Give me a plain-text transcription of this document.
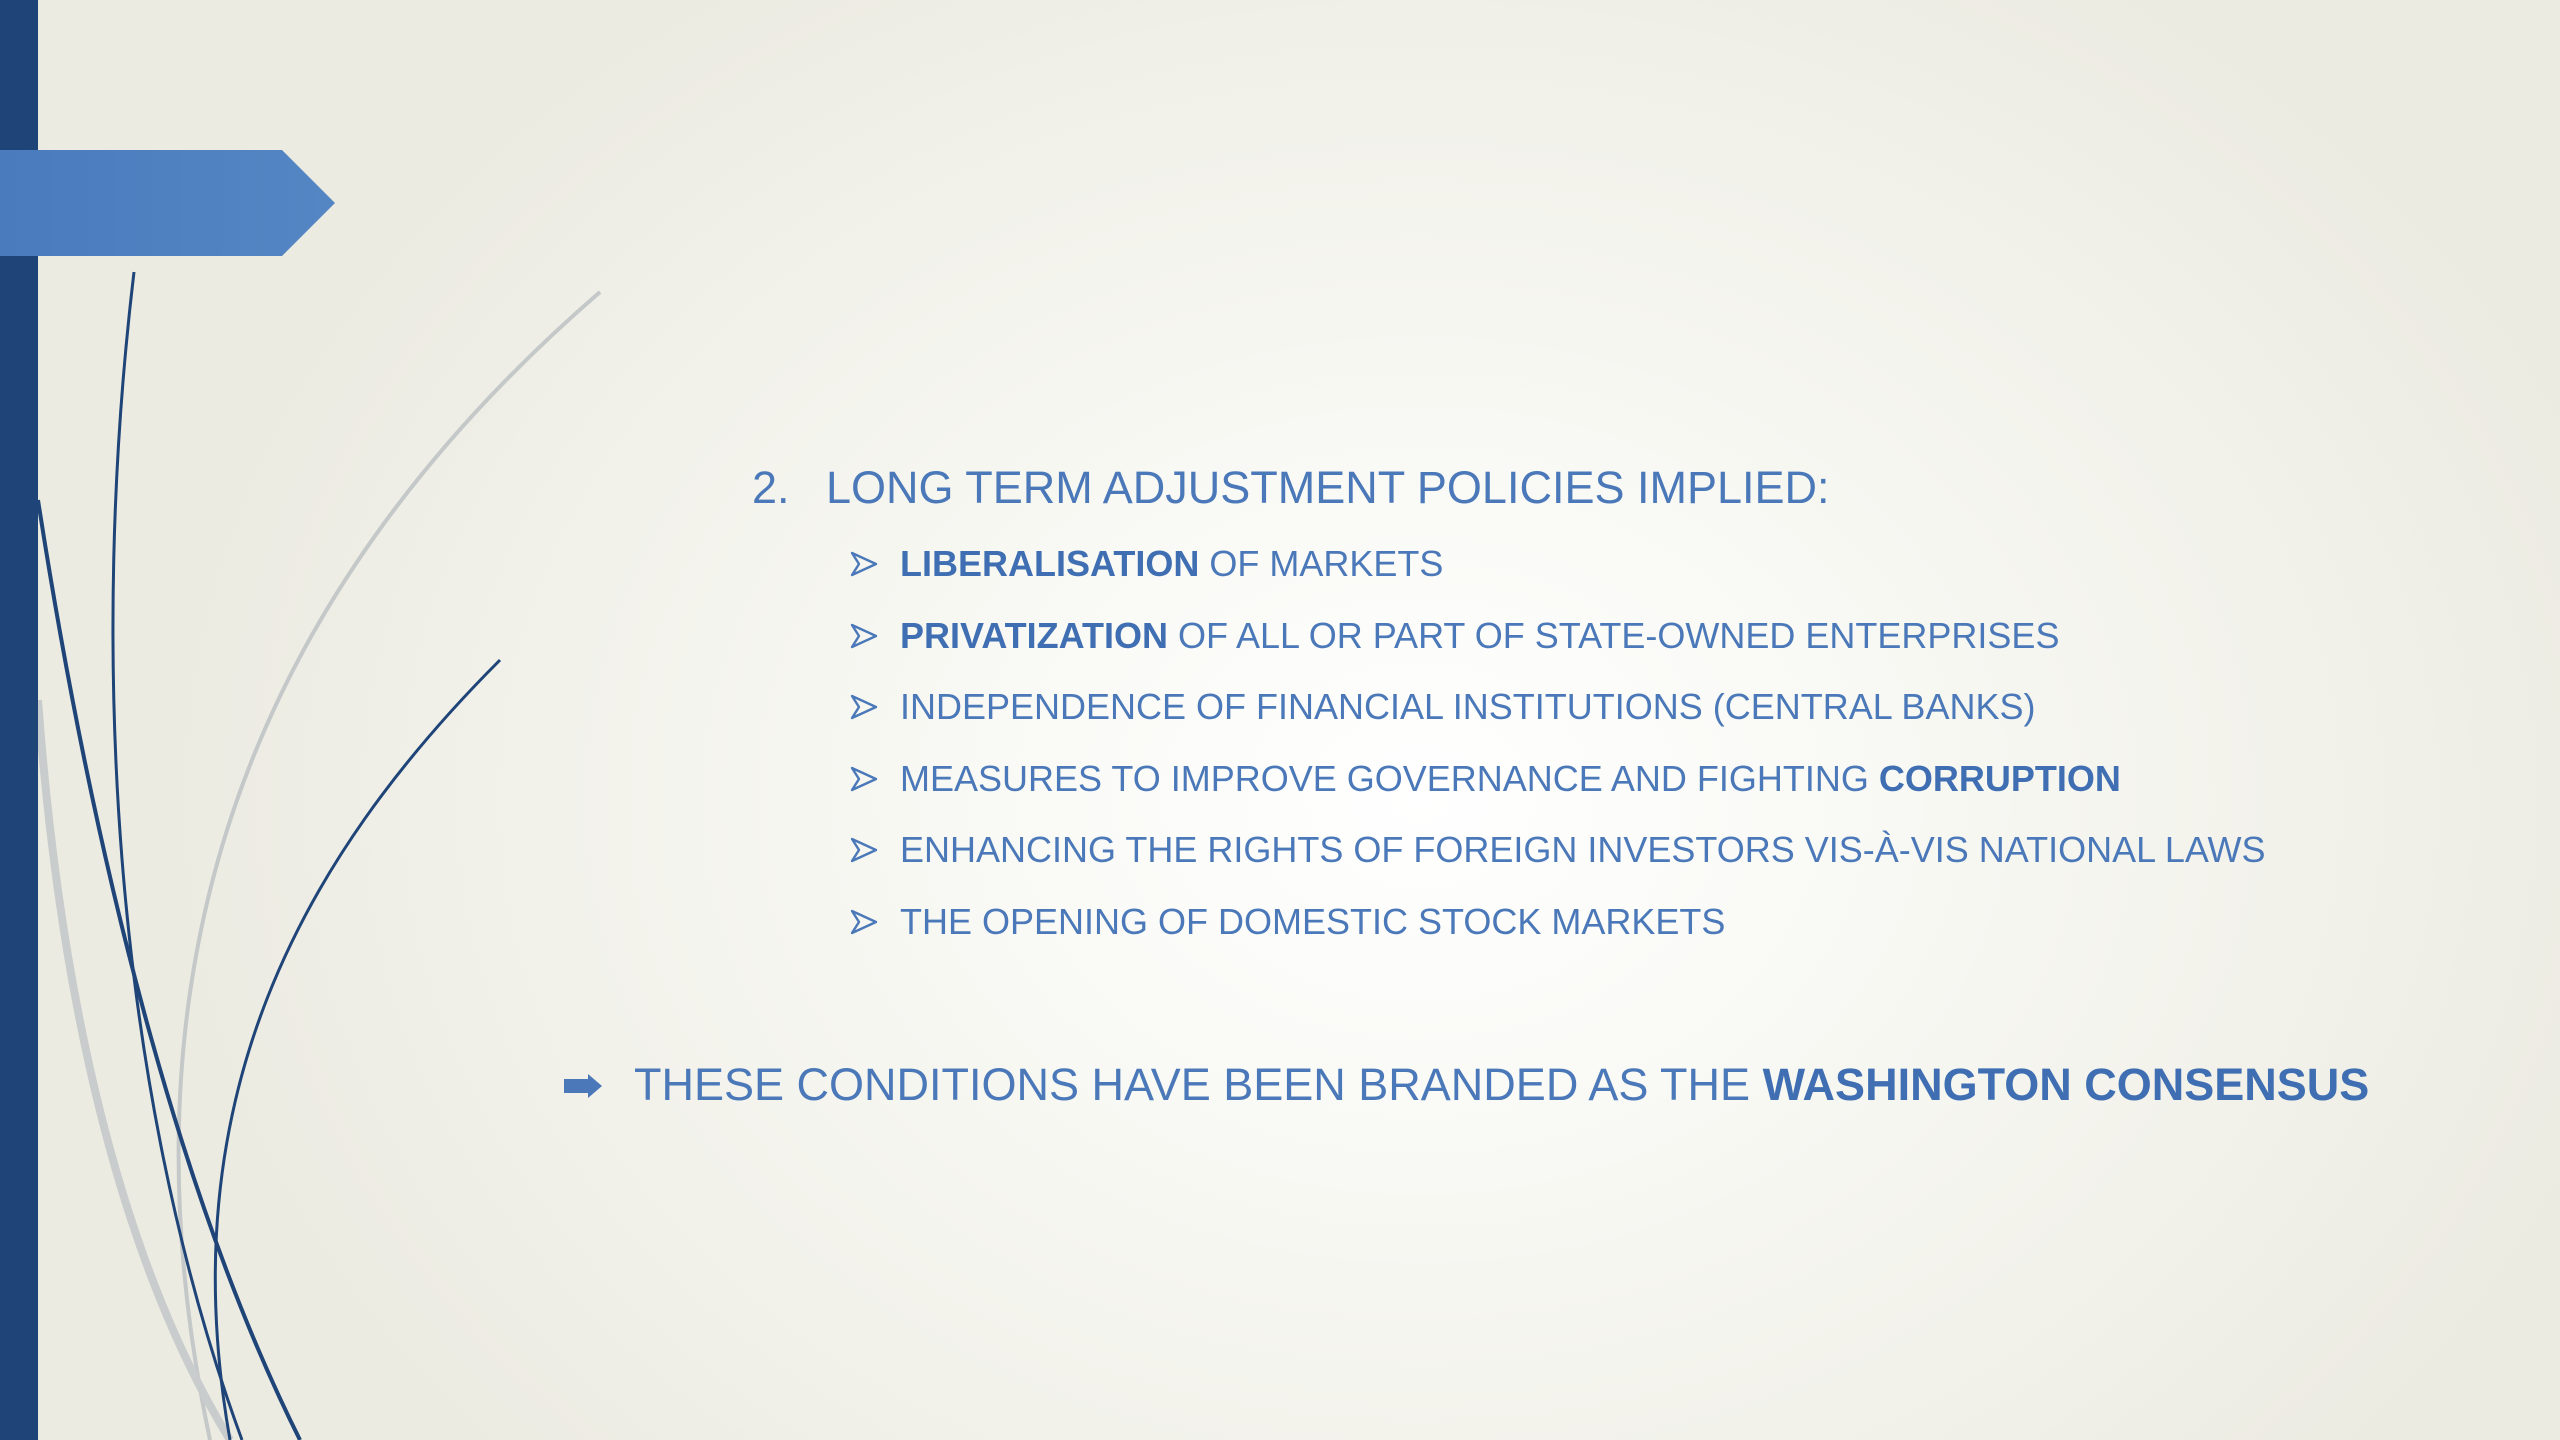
2. LONG TERM ADJUSTMENT POLICIES IMPLIED:
LIBERALISATION OF MARKETS
PRIVATIZATION OF ALL OR PART OF STATE-OWNED ENTERPRISES
INDEPENDENCE OF FINANCIAL INSTITUTIONS (CENTRAL BANKS)
MEASURES TO IMPROVE GOVERNANCE AND FIGHTING CORRUPTION
ENHANCING THE RIGHTS OF FOREIGN INVESTORS VIS-À-VIS NATIONAL LAWS
THE OPENING OF DOMESTIC STOCK MARKETS
THESE CONDITIONS HAVE BEEN BRANDED AS THE WASHINGTON CONSENSUS
